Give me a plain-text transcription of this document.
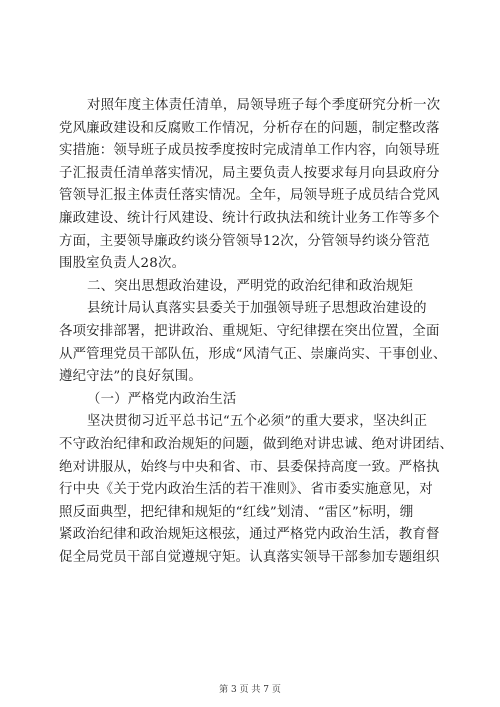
对照年度主体责任清单，局领导班子每个季度研究分析一次
党风廉政建设和反腐败工作情况，分析存在的问题，制定整改落
实措施：领导班子成员按季度按时完成清单工作内容，向领导班
子汇报责任清单落实情况，局主要负责人按要求每月向县政府分
管领导汇报主体责任落实情况。全年，局领导班子成员结合党风
廉政建设、统计行风建设、统计行政执法和统计业务工作等多个
方面，主要领导廉政约谈分管领导12次，分管领导约谈分管范
围股室负责人28次。
二、突出思想政治建设，严明党的政治纪律和政治规矩
县统计局认真落实县委关于加强领导班子思想政治建设的
各项安排部署，把讲政治、重规矩、守纪律摆在突出位置，全面
从严管理党员干部队伍，形成“风清气正、崇廉尚实、干事创业、
遵纪守法”的良好氛围。
（一）严格党内政治生活
坚决贯彻习近平总书记“五个必须”的重大要求，坚决纠正
不守政治纪律和政治规矩的问题，做到绝对讲忠诚、绝对讲团结、
绝对讲服从，始终与中央和省、市、县委保持高度一致。严格执
行中央《关于党内政治生活的若干准则》、省市委实施意见，对
照反面典型，把纪律和规矩的“红线”划清、“雷区”标明，绷
紧政治纪律和政治规矩这根弦，通过严格党内政治生活，教育督
促全局党员干部自觉遵规守矩。认真落实领导干部参加专题组织
第 3 页 共 7 页
